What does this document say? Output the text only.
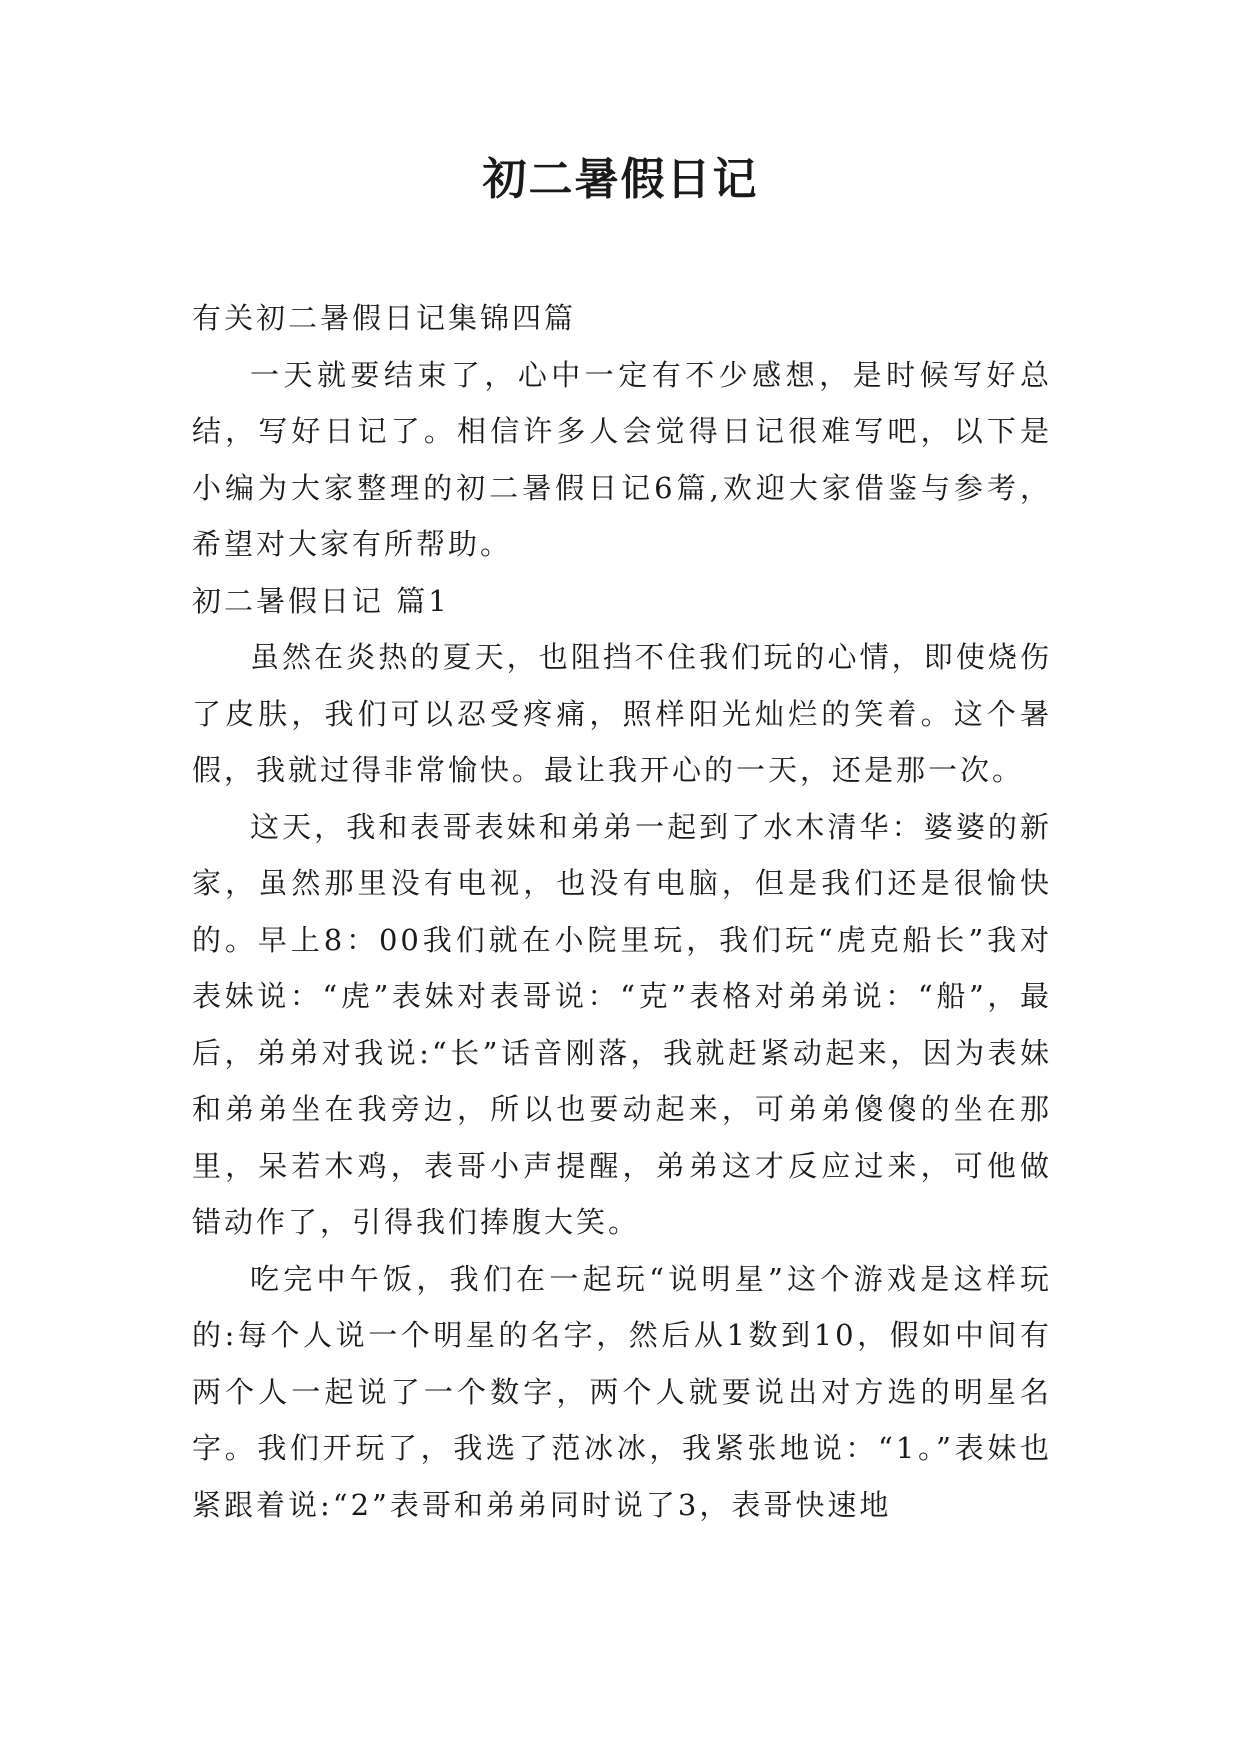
初二暑假日记

有关初二暑假日记集锦四篇

一天就要结束了，心中一定有不少感想，是时候写好总结，写好日记了。相信许多人会觉得日记很难写吧，以下是小编为大家整理的初二暑假日记6篇,欢迎大家借鉴与参考，希望对大家有所帮助。

初二暑假日记 篇1

虽然在炎热的夏天，也阻挡不住我们玩的心情，即使烧伤了皮肤，我们可以忍受疼痛，照样阳光灿烂的笑着。这个暑假，我就过得非常愉快。最让我开心的一天，还是那一次。

这天，我和表哥表妹和弟弟一起到了水木清华：婆婆的新家，虽然那里没有电视，也没有电脑，但是我们还是很愉快的。早上8：00我们就在小院里玩，我们玩“虎克船长”我对表妹说：“虎”表妹对表哥说：“克”表格对弟弟说：“船”，最后，弟弟对我说:“长”话音刚落，我就赶紧动起来，因为表妹和弟弟坐在我旁边，所以也要动起来，可弟弟傻傻的坐在那里，呆若木鸡，表哥小声提醒，弟弟这才反应过来，可他做错动作了，引得我们捧腹大笑。

吃完中午饭，我们在一起玩“说明星”这个游戏是这样玩的:每个人说一个明星的名字，然后从1数到10，假如中间有两个人一起说了一个数字，两个人就要说出对方选的明星名字。我们开玩了，我选了范冰冰，我紧张地说：“1。”表妹也紧跟着说:“2”表哥和弟弟同时说了3，表哥快速地
